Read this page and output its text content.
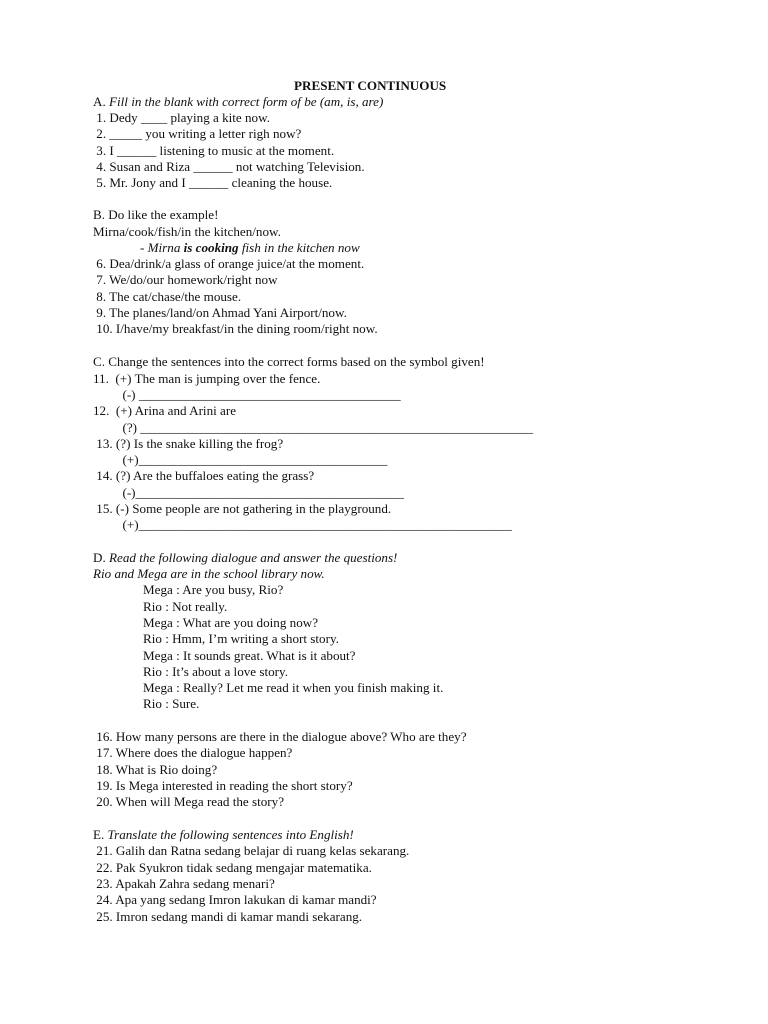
PRESENT CONTINUOUS
A. Fill in the blank with correct form of be (am, is, are)
1. Dedy ____ playing a kite now.
2. _____ you writing a letter righ now?
3. I ______ listening to music at the moment.
4. Susan and Riza ______ not watching Television.
5. Mr. Jony and I ______ cleaning the house.
B. Do like the example!
Mirna/cook/fish/in the kitchen/now.
- Mirna is cooking fish in the kitchen now
6. Dea/drink/a glass of orange juice/at the moment.
7. We/do/our homework/right now
8. The cat/chase/the mouse.
9. The planes/land/on Ahmad Yani Airport/now.
10. I/have/my breakfast/in the dining room/right now.
C. Change the sentences into the correct forms based on the symbol given!
11.  (+) The man is jumping over the fence.
(-) ________________________________________
12.  (+) Arina and Arini are
(?) ____________________________________________________________
13. (?) Is the snake killing the frog?
(+)______________________________________
14. (?) Are the buffaloes eating the grass?
(-)_________________________________________
15. (-) Some people are not gathering in the playground.
(+)_________________________________________________________
D. Read the following dialogue and answer the questions!
Rio and Mega are in the school library now.
Mega : Are you busy, Rio?
Rio : Not really.
Mega : What are you doing now?
Rio : Hmm, I’m writing a short story.
Mega : It sounds great. What is it about?
Rio : It’s about a love story.
Mega : Really? Let me read it when you finish making it.
Rio : Sure.
16. How many persons are there in the dialogue above? Who are they?
17. Where does the dialogue happen?
18. What is Rio doing?
19. Is Mega interested in reading the short story?
20. When will Mega read the story?
E. Translate the following sentences into English!
21. Galih dan Ratna sedang belajar di ruang kelas sekarang.
22. Pak Syukron tidak sedang mengajar matematika.
23. Apakah Zahra sedang menari?
24. Apa yang sedang Imron lakukan di kamar mandi?
25. Imron sedang mandi di kamar mandi sekarang.
